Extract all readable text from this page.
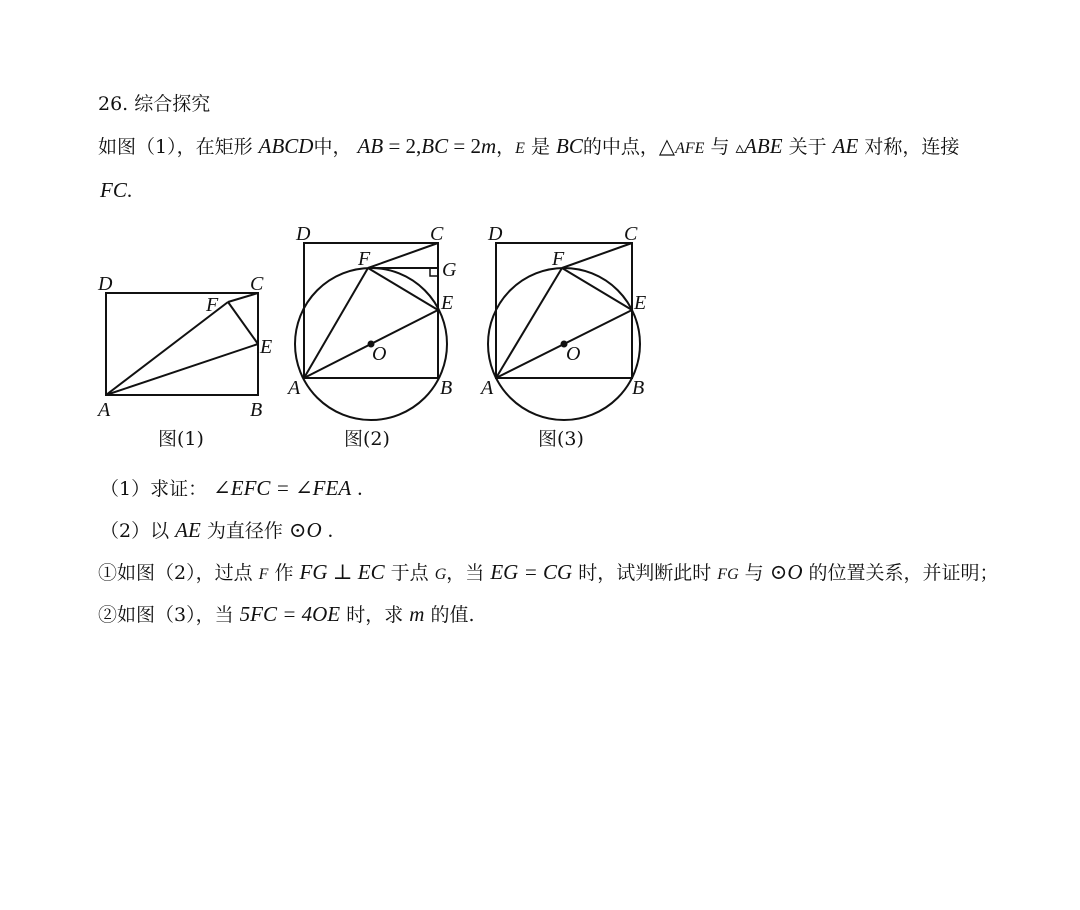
26. 综合探究
如图（1），在矩形 ABCD中， AB = 2,BC = 2m，E 是 BC的中点，△AFE 与 ▵ABE 关于 AE 对称，连接
FC.
D	C
F
E
A	B
图(1)
D	C
F	G
E
O
A	B
图(2)
D	C
F
E
O
A	B
图(3)
（1）求证： ∠EFC = ∠FEA .
（2）以 AE 为直径作 ⊙O .
①如图（2），过点 F 作 FG ⊥ EC 于点 G，当 EG = CG 时，试判断此时 FG 与 ⊙O 的位置关系，并证明；
②如图（3），当 5FC = 4OE 时，求 m 的值.
